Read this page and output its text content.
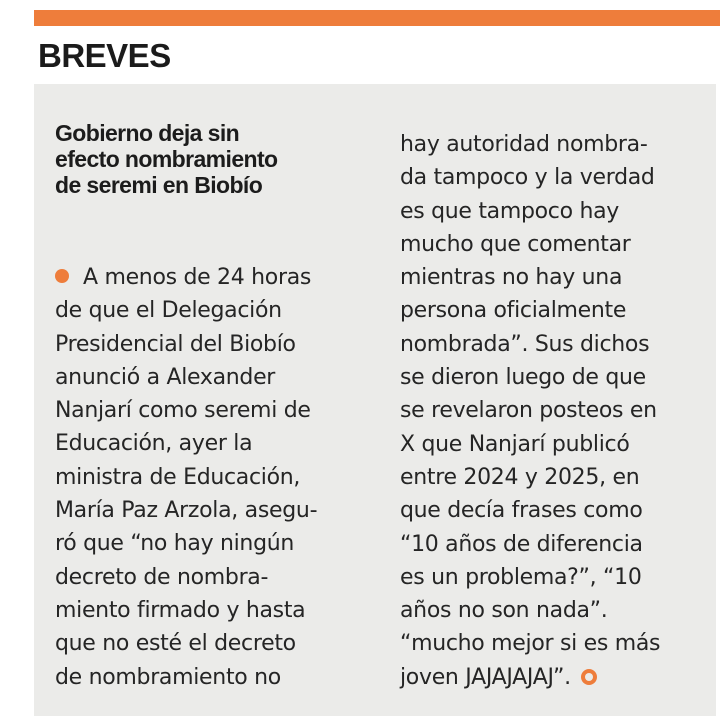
BREVES
Gobierno deja sin
efecto nombramiento
de seremi en Biobío
A menos de 24 horas
de que el Delegación
Presidencial del Biobío
anunció a Alexander
Nanjarí como seremi de
Educación, ayer la
ministra de Educación,
María Paz Arzola, asegu-
ró que “no hay ningún
decreto de nombra-
miento firmado y hasta
que no esté el decreto
de nombramiento no
hay autoridad nombra-
da tampoco y la verdad
es que tampoco hay
mucho que comentar
mientras no hay una
persona oficialmente
nombrada”. Sus dichos
se dieron luego de que
se revelaron posteos en
X que Nanjarí publicó
entre 2024 y 2025, en
que decía frases como
“10 años de diferencia
es un problema?”, “10
años no son nada”.
“mucho mejor si es más
joven JAJAJAJAJ”.
